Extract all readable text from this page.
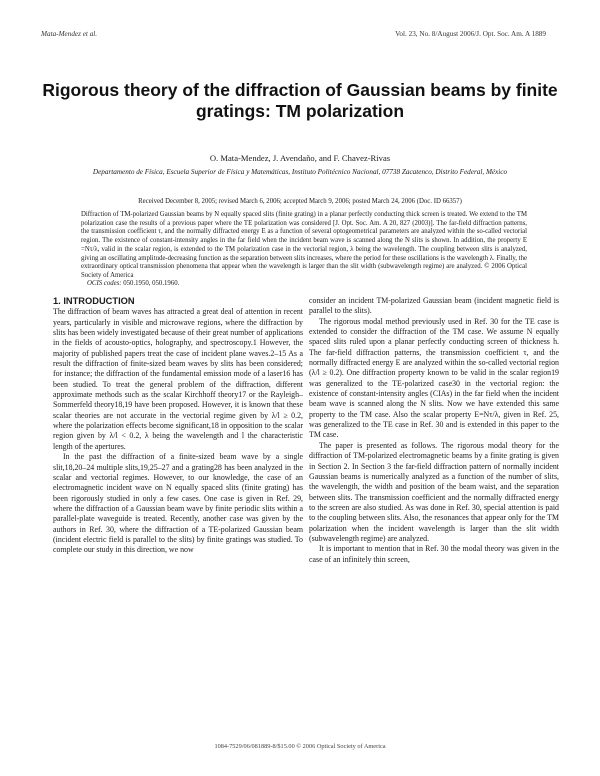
Mata-Mendez et al.	Vol. 23, No. 8/August 2006/J. Opt. Soc. Am. A 1889
Rigorous theory of the diffraction of Gaussian beams by finite gratings: TM polarization
O. Mata-Mendez, J. Avendaño, and F. Chavez-Rivas
Departamento de Física, Escuela Superior de Física y Matemáticas, Instituto Politécnico Nacional, 07738 Zacatenco, Distrito Federal, México
Received December 8, 2005; revised March 6, 2006; accepted March 9, 2006; posted March 24, 2006 (Doc. ID 66357)
Diffraction of TM-polarized Gaussian beams by N equally spaced slits (finite grating) in a planar perfectly conducting thick screen is treated. We extend to the TM polarization case the results of a previous paper where the TE polarization was considered [J. Opt. Soc. Am. A 20, 827 (2003)]. The far-field diffraction patterns, the transmission coefficient τ, and the normally diffracted energy E as a function of several optogeometrical parameters are analyzed within the so-called vectorial region. The existence of constant-intensity angles in the far field when the incident beam wave is scanned along the N slits is shown. In addition, the property E =Nτ/λ, valid in the scalar region, is extended to the TM polarization case in the vectorial region, λ being the wavelength. The coupling between slits is analyzed, giving an oscillating amplitude-decreasing function as the separation between slits increases, where the period for these oscillations is the wavelength λ. Finally, the extraordinary optical transmission phenomena that appear when the wavelength is larger than the slit width (subwavelength regime) are analyzed. © 2006 Optical Society of America
OCIS codes: 050.1950, 050.1960.
1. INTRODUCTION

The diffraction of beam waves has attracted a great deal of attention in recent years, particularly in visible and microwave regions, where the diffraction by slits has been widely investigated because of their great number of applications in the fields of acousto-optics, holography, and spectroscopy.1 However, the majority of published papers treat the case of incident plane waves.2–15 As a result the diffraction of finite-sized beam waves by slits has been considered; for instance; the diffraction of the fundamental emission mode of a laser16 has been studied. To treat the general problem of the diffraction, different approximate methods such as the scalar Kirchhoff theory17 or the Rayleigh–Sommerfeld theory18,19 have been proposed. However, it is known that these scalar theories are not accurate in the vectorial regime given by λ/l ≥ 0.2, where the polarization effects become significant,18 in opposition to the scalar region given by λ/l < 0.2, λ being the wavelength and l the characteristic length of the apertures.

In the past the diffraction of a finite-sized beam wave by a single slit,18,20–24 multiple slits,19,25–27 and a grating28 has been analyzed in the scalar and vectorial regimes. However, to our knowledge, the case of an electromagnetic incident wave on N equally spaced slits (finite grating) has been rigorously studied in only a few cases. One case is given in Ref. 29, where the diffraction of a Gaussian beam wave by finite periodic slits within a parallel-plate waveguide is treated. Recently, another case was given by the authors in Ref. 30, where the diffraction of a TE-polarized Gaussian beam (incident electric field is parallel to the slits) by finite gratings was studied. To complete our study in this direction, we now

consider an incident TM-polarized Gaussian beam (incident magnetic field is parallel to the slits).

The rigorous modal method previously used in Ref. 30 for the TE case is extended to consider the diffraction of the TM case. We assume N equally spaced slits ruled upon a planar perfectly conducting screen of thickness h. The far-field diffraction patterns, the transmission coefficient τ, and the normally diffracted energy E are analyzed within the so-called vectorial region (λ/l ≥ 0.2). One diffraction property known to be valid in the scalar region19 was generalized to the TE-polarized case30 in the vectorial region: the existence of constant-intensity angles (CIAs) in the far field when the incident beam wave is scanned along the N slits. Now we have extended this same property to the TM case. Also the scalar property E=Nτ/λ, given in Ref. 25, was generalized to the TE case in Ref. 30 and is extended in this paper to the TM case.

The paper is presented as follows. The rigorous modal theory for the diffraction of TM-polarized electromagnetic beams by a finite grating is given in Section 2. In Section 3 the far-field diffraction pattern of normally incident Gaussian beams is numerically analyzed as a function of the number of slits, the wavelength, the width and position of the beam waist, and the separation between slits. The transmission coefficient and the normally diffracted energy to the screen are also studied. As was done in Ref. 30, special attention is paid to the coupling between slits. Also, the resonances that appear only for the TM polarization when the incident wavelength is larger than the slit width (subwavelength regime) are analyzed.

It is important to mention that in Ref. 30 the modal theory was given in the case of an infinitely thin screen,

1084-7529/06/081889-8/$15.00 © 2006 Optical Society of America
